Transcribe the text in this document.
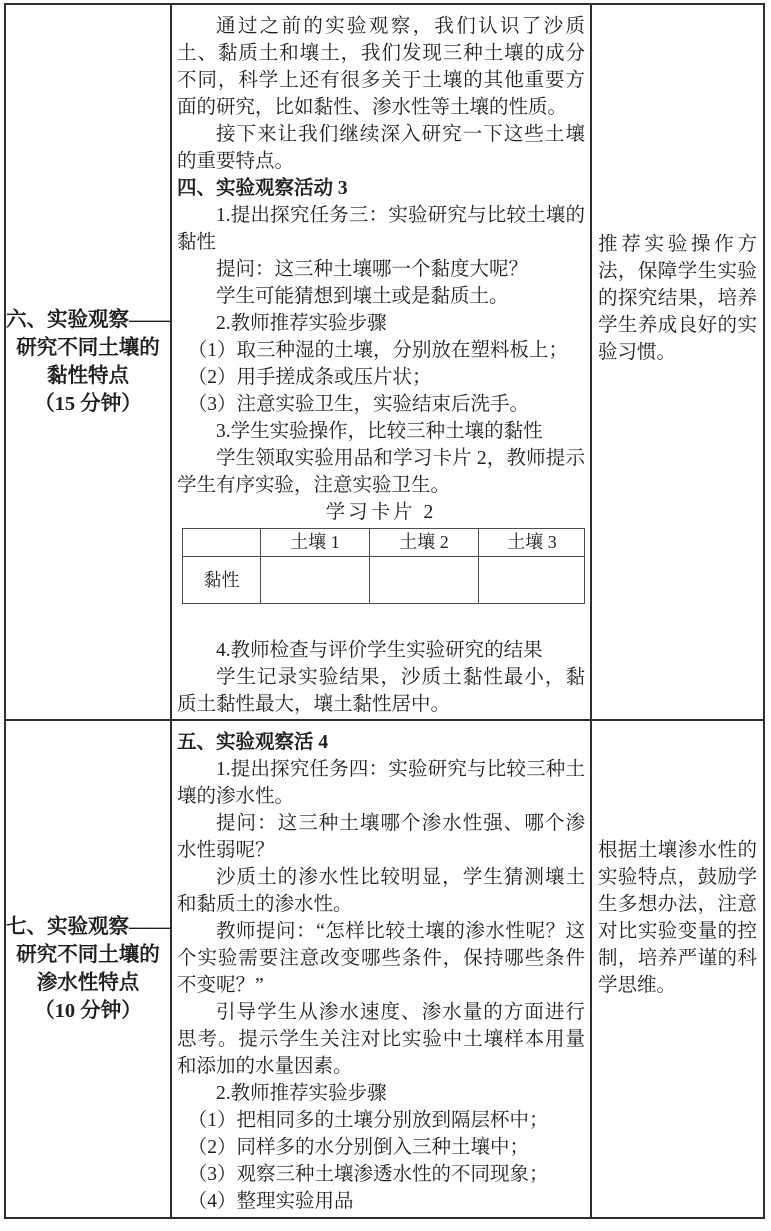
六、实验观察——
研究不同土壤的
黏性特点
（15 分钟）

通过之前的实验观察，我们认识了沙质土、黏质土和壤土，我们发现三种土壤的成分不同，科学上还有很多关于土壤的其他重要方面的研究，比如黏性、渗水性等土壤的性质。

接下来让我们继续深入研究一下这些土壤的重要特点。

四、实验观察活动 3

1.提出探究任务三：实验研究与比较土壤的黏性

提问：这三种土壤哪一个黏度大呢？

学生可能猜想到壤土或是黏质土。

2.教师推荐实验步骤

（1）取三种湿的土壤，分别放在塑料板上；

（2）用手搓成条或压片状；

（3）注意实验卫生，实验结束后洗手。

3.学生实验操作，比较三种土壤的黏性

学生领取实验用品和学习卡片 2，教师提示学生有序实验，注意实验卫生。

学习卡片 2

土壤 1	土壤 2	土壤 3
黏性

4.教师检查与评价学生实验研究的结果

学生记录实验结果，沙质土黏性最小，黏质土黏性最大，壤土黏性居中。

推荐实验操作方法，保障学生实验的探究结果，培养学生养成良好的实验习惯。
七、实验观察——
研究不同土壤的
渗水性特点
（10 分钟）

五、实验观察活 4

1.提出探究任务四：实验研究与比较三种土壤的渗水性。

提问：这三种土壤哪个渗水性强、哪个渗水性弱呢？

沙质土的渗水性比较明显，学生猜测壤土和黏质土的渗水性。

教师提问：“怎样比较土壤的渗水性呢？这个实验需要注意改变哪些条件，保持哪些条件不变呢？”

引导学生从渗水速度、渗水量的方面进行思考。提示学生关注对比实验中土壤样本用量和添加的水量因素。

2.教师推荐实验步骤

（1）把相同多的土壤分别放到隔层杯中；

（2）同样多的水分别倒入三种土壤中；

（3）观察三种土壤渗透水性的不同现象；

（4）整理实验用品

根据土壤渗水性的实验特点，鼓励学生多想办法，注意对比实验变量的控制，培养严谨的科学思维。
